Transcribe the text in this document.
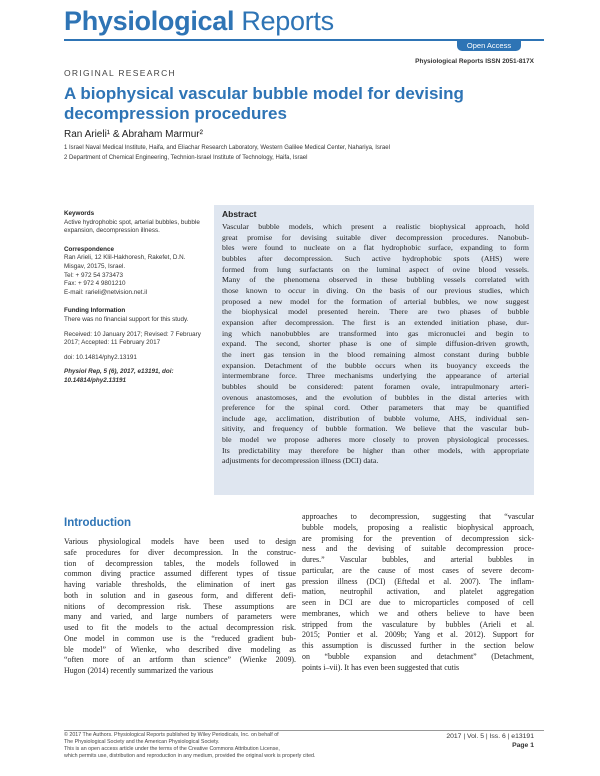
Physiological Reports
Open Access
Physiological Reports ISSN 2051-817X
ORIGINAL RESEARCH
A biophysical vascular bubble model for devising decompression procedures
Ran Arieli¹ & Abraham Marmur²
1 Israel Naval Medical Institute, Haifa, and Eliachar Research Laboratory, Western Galilee Medical Center, Nahariya, Israel
2 Department of Chemical Engineering, Technion-Israel Institute of Technology, Haifa, Israel

Keywords

Active hydrophobic spot, arterial bubbles, bubble expansion, decompression illness.

Correspondence

Ran Arieli, 12 Klil-Hakhoresh, Rakefet, D.N.

Misgav, 20175, Israel.

Tel: + 972 54 373473

Fax: + 972 4 9801210

E-mail: rarieli@netvision.net.il

Funding Information

There was no financial support for this study.

Received: 10 January 2017; Revised: 7 February 2017; Accepted: 11 February 2017

doi: 10.14814/phy2.13191

Physiol Rep, 5 (6), 2017, e13191, doi: 10.14814/phy2.13191

Abstract
Vascular bubble models, which present a realistic biophysical approach, hold
great promise for devising suitable diver decompression procedures. Nanobub-
bles were found to nucleate on a flat hydrophobic surface, expanding to form
bubbles after decompression. Such active hydrophobic spots (AHS) were
formed from lung surfactants on the luminal aspect of ovine blood vessels.
Many of the phenomena observed in these bubbling vessels correlated with
those known to occur in diving. On the basis of our previous studies, which
proposed a new model for the formation of arterial bubbles, we now suggest
the biophysical model presented herein. There are two phases of bubble
expansion after decompression. The first is an extended initiation phase, dur-
ing which nanobubbles are transformed into gas micronuclei and begin to
expand. The second, shorter phase is one of simple diffusion-driven growth,
the inert gas tension in the blood remaining almost constant during bubble
expansion. Detachment of the bubble occurs when its buoyancy exceeds the
intermembrane force. Three mechanisms underlying the appearance of arterial
bubbles should be considered: patent foramen ovale, intrapulmonary arteri-
ovenous anastomoses, and the evolution of bubbles in the distal arteries with
preference for the spinal cord. Other parameters that may be quantified
include age, acclimation, distribution of bubble volume, AHS, individual sen-
sitivity, and frequency of bubble formation. We believe that the vascular bub-
ble model we propose adheres more closely to proven physiological processes.
Its predictability may therefore be higher than other models, with appropriate
adjustments for decompression illness (DCI) data.
Introduction
Various physiological models have been used to design
safe procedures for diver decompression. In the construc-
tion of decompression tables, the models followed in
common diving practice assumed different types of tissue
having variable thresholds, the elimination of inert gas
both in solution and in gaseous form, and different defi-
nitions of decompression risk. These assumptions are
many and varied, and large numbers of parameters were
used to fit the models to the actual decompression risk.
One model in common use is the “reduced gradient bub-
ble model” of Wienke, who described dive modeling as
“often more of an artform than science” (Wienke 2009).
Hugon (2014) recently summarized the various
approaches to decompression, suggesting that “vascular
bubble models, proposing a realistic biophysical approach,
are promising for the prevention of decompression sick-
ness and the devising of suitable decompression proce-
dures.” Vascular bubbles, and arterial bubbles in
particular, are the cause of most cases of severe decom-
pression illness (DCI) (Eftedal et al. 2007). The inflam-
mation, neutrophil activation, and platelet aggregation
seen in DCI are due to microparticles composed of cell
membranes, which we and others believe to have been
stripped from the vasculature by bubbles (Arieli et al.
2015; Pontier et al. 2009b; Yang et al. 2012). Support for
this assumption is discussed further in the section below
on “bubble expansion and detachment” (Detachment,
points i–vii). It has even been suggested that cutis
© 2017 The Authors. Physiological Reports published by Wiley Periodicals, Inc. on behalf of
The Physiological Society and the American Physiological Society.
This is an open access article under the terms of the Creative Commons Attribution License,
which permits use, distribution and reproduction in any medium, provided the original work is properly cited.
2017 | Vol. 5 | Iss. 6 | e13191
Page 1
